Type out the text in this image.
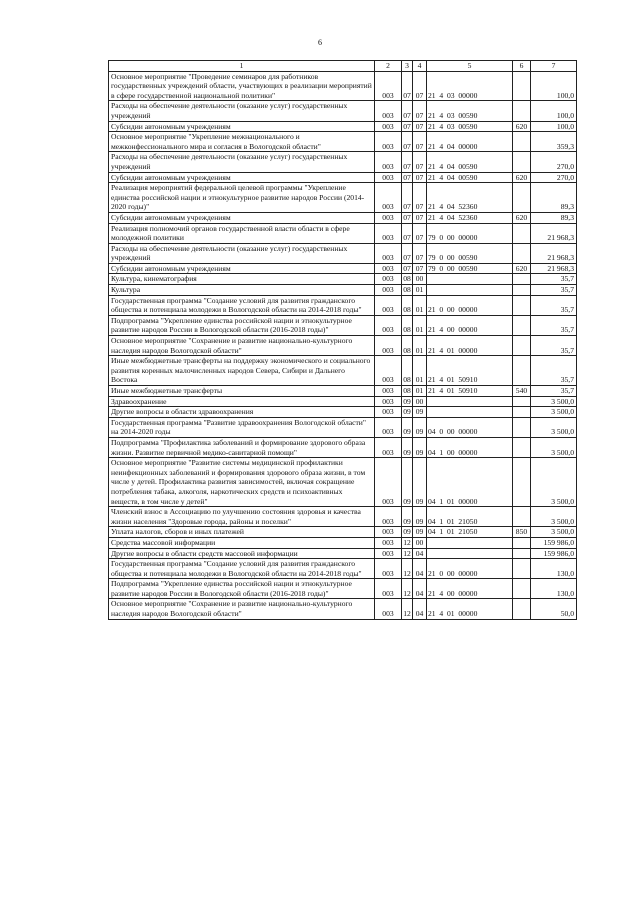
6
1	2	3	4	5	6	7
Основное мероприятие "Проведение семинаров для работников государственных учреждений области, участвующих в реализации мероприятий в сфере государственной национальной политики"	003	07	07	21  4  03  00000		100,0
Расходы на обеспечение деятельности (оказание услуг) государственных учреждений	003	07	07	21  4  03  00590		100,0
Субсидии автономным учреждениям	003	07	07	21  4  03  00590	620	100,0
Основное мероприятие "Укрепление межнационального и межконфессионального мира и согласия в Вологодской области"	003	07	07	21  4  04  00000		359,3
Расходы на обеспечение деятельности (оказание услуг) государственных учреждений	003	07	07	21  4  04  00590		270,0
Субсидии автономным учреждениям	003	07	07	21  4  04  00590	620	270,0
Реализация мероприятий федеральной целевой программы "Укрепление единства российской нации и этнокультурное развитие народов России (2014-2020 годы)"	003	07	07	21  4  04  52360		89,3
Субсидии автономным учреждениям	003	07	07	21  4  04  52360	620	89,3
Реализация полномочий органов государственной власти области в сфере молодежной политики	003	07	07	79  0  00  00000		21 968,3
Расходы на обеспечение деятельности (оказание услуг) государственных учреждений	003	07	07	79  0  00  00590		21 968,3
Субсидии автономным учреждениям	003	07	07	79  0  00  00590	620	21 968,3
Культура, кинематография	003	08	00			35,7
Культура	003	08	01			35,7
Государственная программа "Создание условий для развития гражданского общества и потенциала молодежи в Вологодской области на 2014-2018 годы"	003	08	01	21  0  00  00000		35,7
Подпрограмма "Укрепление единства российской нации и этнокультурное развитие народов России в Вологодской области (2016-2018 годы)"	003	08	01	21  4  00  00000		35,7
Основное мероприятие "Сохранение и развитие национально-культурного наследия народов Вологодской области"	003	08	01	21  4  01  00000		35,7
Иные межбюджетные трансферты на поддержку экономического и социального развития коренных малочисленных народов Севера, Сибири и Дальнего Востока	003	08	01	21  4  01  50910		35,7
Иные межбюджетные трансферты	003	08	01	21  4  01  50910	540	35,7
Здравоохранение	003	09	00			3 500,0
Другие вопросы в области здравоохранения	003	09	09			3 500,0
Государственная программа "Развитие здравоохранения Вологодской области" на 2014-2020 годы	003	09	09	04  0  00  00000		3 500,0
Подпрограмма "Профилактика заболеваний и формирование здорового образа жизни. Развитие первичной медико-санитарной помощи"	003	09	09	04  1  00  00000		3 500,0
Основное мероприятие "Развитие системы медицинской профилактики неинфекционных заболеваний и формирования здорового образа жизни, в том числе у детей. Профилактика развития зависимостей, включая сокращение потребления табака, алкоголя, наркотических средств и психоактивных веществ, в том числе у детей"	003	09	09	04  1  01  00000		3 500,0
Членский взнос в Ассоциацию по улучшению состояния здоровья и качества жизни населения "Здоровые города, районы и поселки"	003	09	09	04  1  01  21050		3 500,0
Уплата налогов, сборов и иных платежей	003	09	09	04  1  01  21050	850	3 500,0
Средства массовой информации	003	12	00			159 986,0
Другие вопросы в области средств массовой информации	003	12	04			159 986,0
Государственная программа "Создание условий для развития гражданского общества и потенциала молодежи в Вологодской области на 2014-2018 годы"	003	12	04	21  0  00  00000		130,0
Подпрограмма "Укрепление единства российской нации и этнокультурное развитие народов России в Вологодской области (2016-2018 годы)"	003	12	04	21  4  00  00000		130,0
Основное мероприятие "Сохранение и развитие национально-культурного наследия народов Вологодской области"	003	12	04	21  4  01  00000		50,0
